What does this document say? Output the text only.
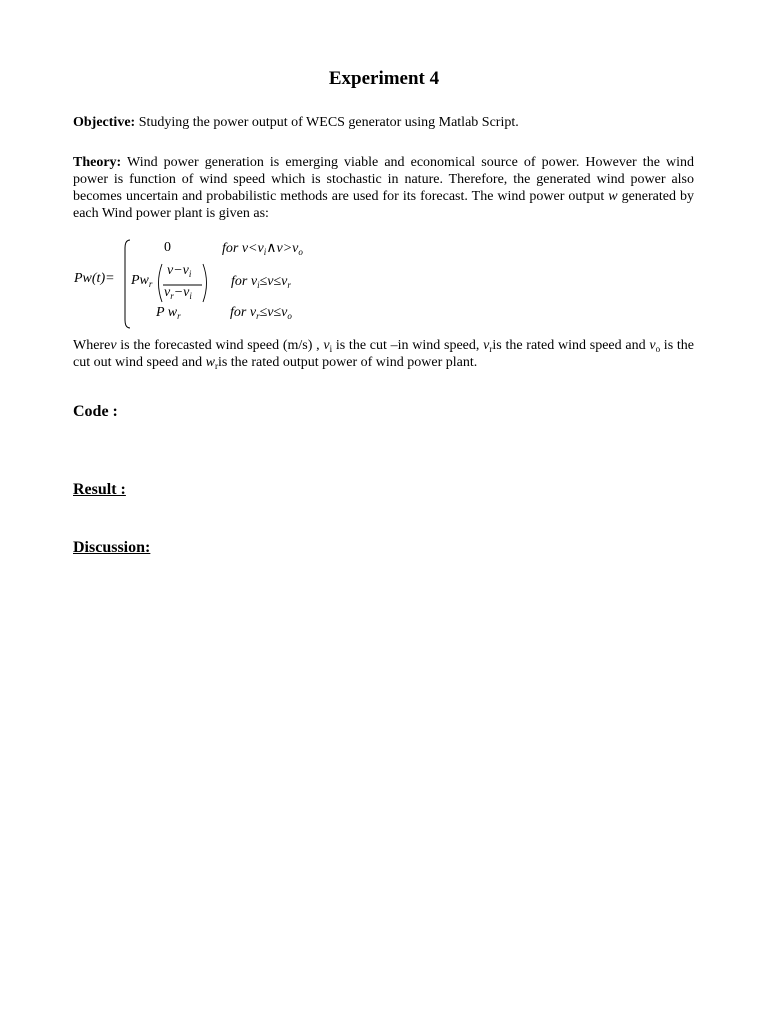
Experiment 4
Objective: Studying the power output of WECS generator using Matlab Script.
Theory: Wind power generation is emerging viable and economical source of power. However the wind power is function of wind speed which is stochastic in nature. Therefore, the generated wind power also becomes uncertain and probabilistic methods are used for its forecast. The wind power output w generated by each Wind power plant is given as:
Pw(t)=
0	for $v<v_i\wedge v>v_o$
$Pw_r$
$v-v_i$
$v_r-v_i$
for $v_i\le v\le v_r$
P $w_r$	for $v_r\le v\le v_o$
Wherev is the forecasted wind speed (m/s) , $v_i$ is the cut –in wind speed, $v_ris$ the rated wind speed and $v_o$ is the cut out wind speed and $w_ris$ the rated output power of wind power plant.
Code :
Result :
Discussion:
